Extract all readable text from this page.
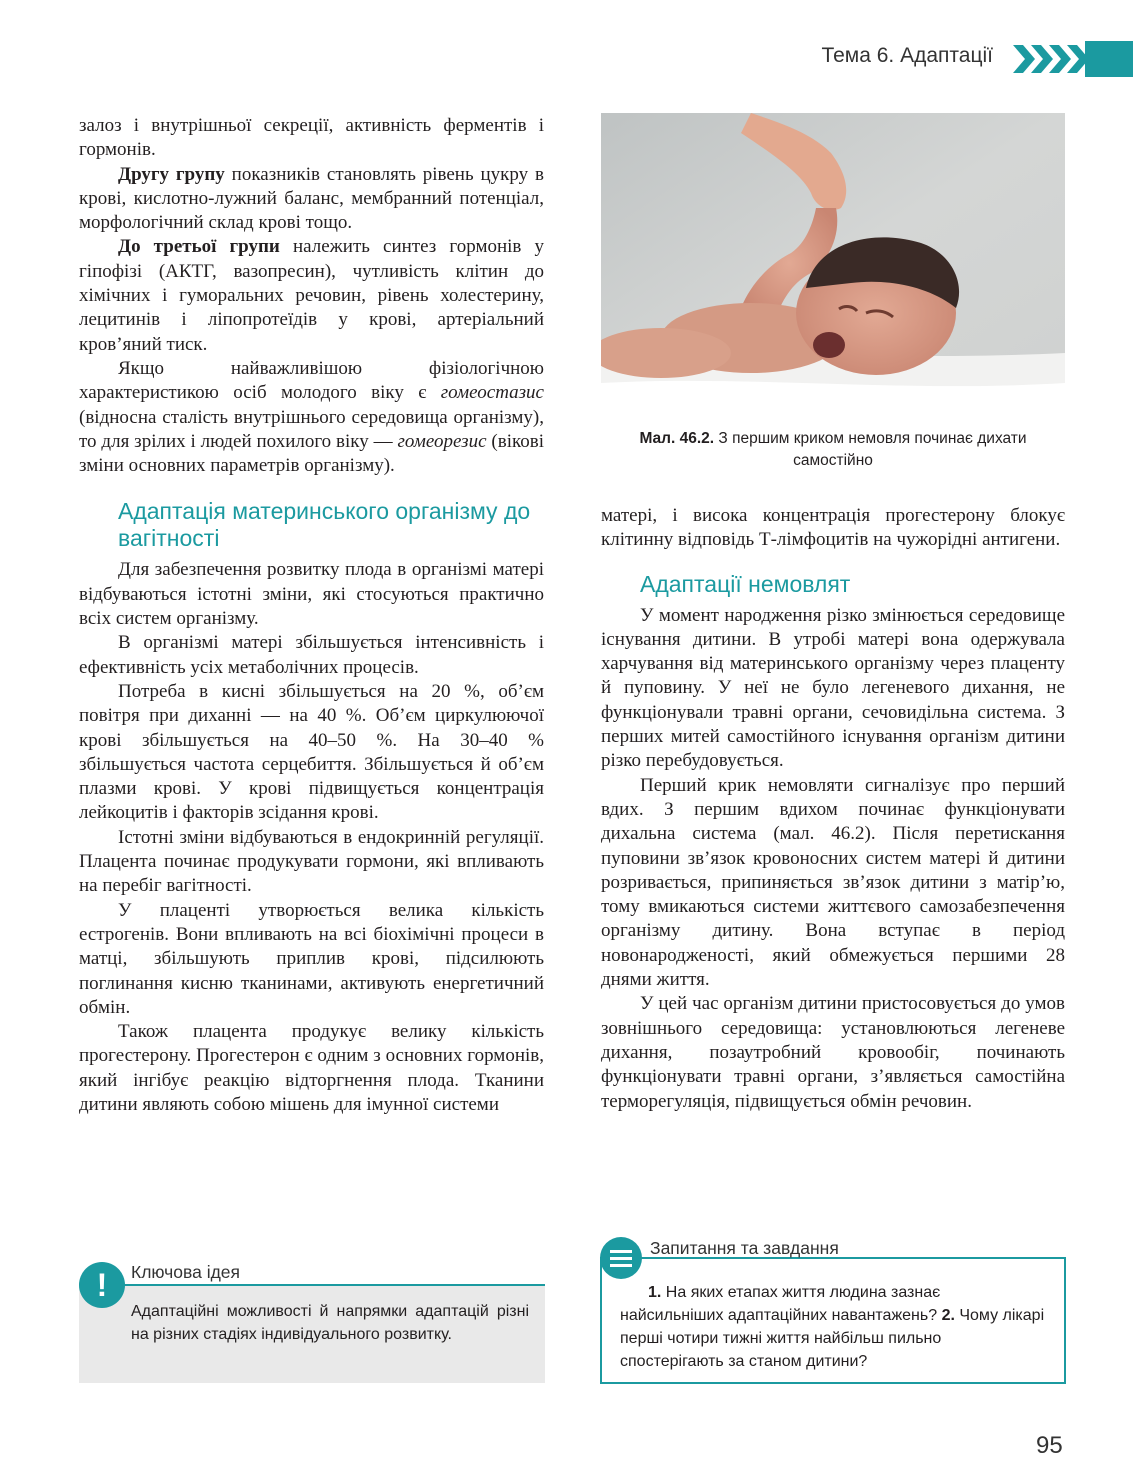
Тема 6. Адаптації

залоз і внутрішньої секреції, активність ферментів і гормонів.

Другу групу показників становлять рівень цукру в крові, кислотно-лужний баланс, мембранний потенціал, морфологічний склад крові тощо.

До третьої групи належить синтез гормонів у гіпофізі (АКТГ, вазопресин), чутливість клітин до хімічних і гуморальних речовин, рівень холестерину, лецитинів і ліпопротеїдів у крові, артеріальний кров’яний тиск.

Якщо найважливішою фізіологічною характеристикою осіб молодого віку є гомеостазис (відносна сталість внутрішнього середовища організму), то для зрілих і людей похилого віку — гомеорезис (вікові зміни основних параметрів організму).

Адаптація материнського організму до вагітності

Для забезпечення розвитку плода в організмі матері відбуваються істотні зміни, які стосуються практично всіх систем організму.

В організмі матері збільшується інтенсивність і ефективність усіх метаболічних процесів.

Потреба в кисні збільшується на 20 %, об’єм повітря при диханні — на 40 %. Об’єм циркулюючої крові збільшується на 40–50 %. На 30–40 % збільшується частота серцебиття. Збільшується й об’єм плазми крові. У крові підвищується концентрація лейкоцитів і факторів зсідання крові.

Істотні зміни відбуваються в ендокринній регуляції. Плацента починає продукувати гормони, які впливають на перебіг вагітності.

У плаценті утворюється велика кількість естрогенів. Вони впливають на всі біохімічні процеси в матці, збільшують приплив крові, підсилюють поглинання кисню тканинами, активують енергетичний обмін.

Також плацента продукує велику кількість прогестерону. Прогестерон є одним з основних гормонів, який інгібує реакцію відторгнення плода. Тканини дитини являють собою мішень для імунної системи

Мал. 46.2. З першим криком немовля починає дихати самостійно

матері, і висока концентрація прогестерону блокує клітинну відповідь Т-лімфоцитів на чужорідні антигени.

Адаптації немовлят

У момент народження різко змінюється середовище існування дитини. В утробі матері вона одержувала харчування від материнського організму через плаценту й пуповину. У неї не було легеневого дихання, не функціонували травні органи, сечовидільна система. З перших митей самостійного існування організм дитини різко перебудовується.

Перший крик немовляти сигналізує про перший вдих. З першим вдихом починає функціонувати дихальна система (мал. 46.2). Після перетискання пуповини зв’язок кровоносних систем матері й дитини розривається, припиняється зв’язок дитини з матір’ю, тому вмикаються системи життєвого самозабезпечення організму дитину. Вона вступає в період новонародженості, який обмежується першими 28 днями життя.

У цей час організм дитини пристосовується до умов зовнішнього середовища: установлюються легеневе дихання, позаутробний кровообіг, починають функціонувати травні органи, з’являється самостійна терморегуляція, підвищується обмін речовин.

!	Ключова ідея
Адаптаційні можливості й напрямки адаптацій різні на різних стадіях індивідуального розвитку.
Запитання та завдання
1. На яких етапах життя людина зазнає найсильніших адаптаційних навантажень? 2. Чому лікарі перші чотири тижні життя найбільш пильно спостерігають за станом дитини?
95
